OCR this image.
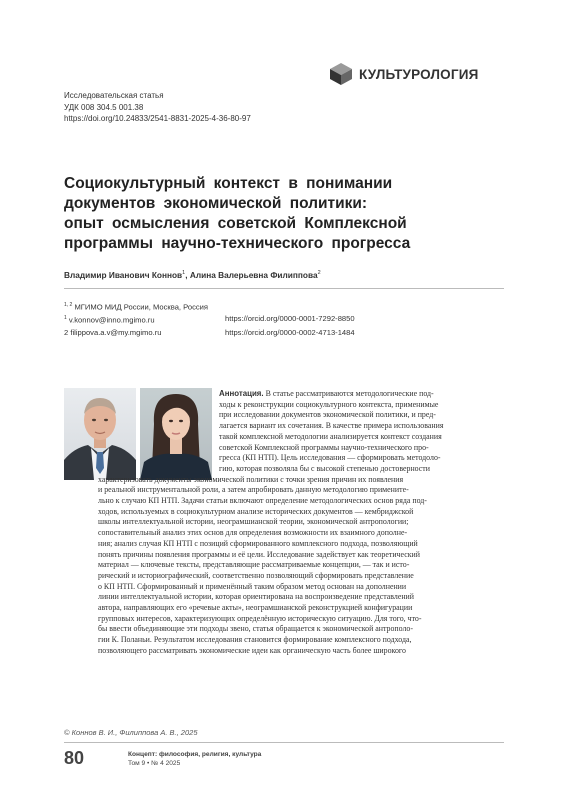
КУЛЬТУРОЛОГИЯ
Исследовательская статья
УДК 008 304.5 001.38
https://doi.org/10.24833/2541-8831-2025-4-36-80-97
Социокультурный контекст в понимании
документов экономической политики:
опыт осмысления советской Комплексной
программы научно-технического прогресса
Владимир Иванович Коннов$^1$, Алина Валерьевна Филиппова$^2$
$^{1, 2}$ МГИМО МИД России, Москва, Россия
$^1$ v.konnov@inno.mgimo.ru	https://orcid.org/0000-0001-7292-8850
2 filippova.a.v@my.mgimo.ru	https://orcid.org/0000-0002-4713-1484
Аннотация. В статье рассматриваются методологические под-
ходы к реконструкции социокультурного контекста, применимые
при исследовании документов экономической политики, и пред-
лагается вариант их сочетания. В качестве примера использования
такой комплексной методологии анализируется контекст создания
советской Комплексной программы научно-технического про-
гресса (КП НТП). Цель исследования — сформировать методоло-
гию, которая позволяла бы с высокой степенью достоверности
характеризовать документы экономической политики с точки зрения причин их появления
и реальной инструментальной роли, а затем апробировать данную методологию примените-
льно к случаю КП НТП. Задачи статьи включают определение методологических основ ряда под-
ходов, используемых в социокультурном анализе исторических документов — кембриджской
школы интеллектуальной истории, неограмшианской теории, экономической антропологии;
сопоставительный анализ этих основ для определения возможности их взаимного дополне-
ния; анализ случая КП НТП с позиций сформированного комплексного подхода, позволяющий
понять причины появления программы и её цели. Исследование задействует как теоретический
материал — ключевые тексты, представляющие рассматриваемые концепции, — так и исто-
рический и историографический, соответственно позволяющий сформировать представление
о КП НТП. Сформированный и применённый таким образом метод основан на дополнении
линии интеллектуальной истории, которая ориентирована на воспроизведение представлений
автора, направляющих его «речевые акты», неограмшианской реконструкцией конфигурации
групповых интересов, характеризующих определённую историческую ситуацию. Для того, что-
бы ввести объединяющие эти подходы звено, статья обращается к экономической антрополо-
гии К. Поланьи. Результатом исследования становится формирование комплексного подхода,
позволяющего рассматривать экономические идеи как органическую часть более широкого
© Коннов В. И., Филиппова А. В., 2025
80	Концепт: философия, религия, культура
Том 9 • № 4 2025
